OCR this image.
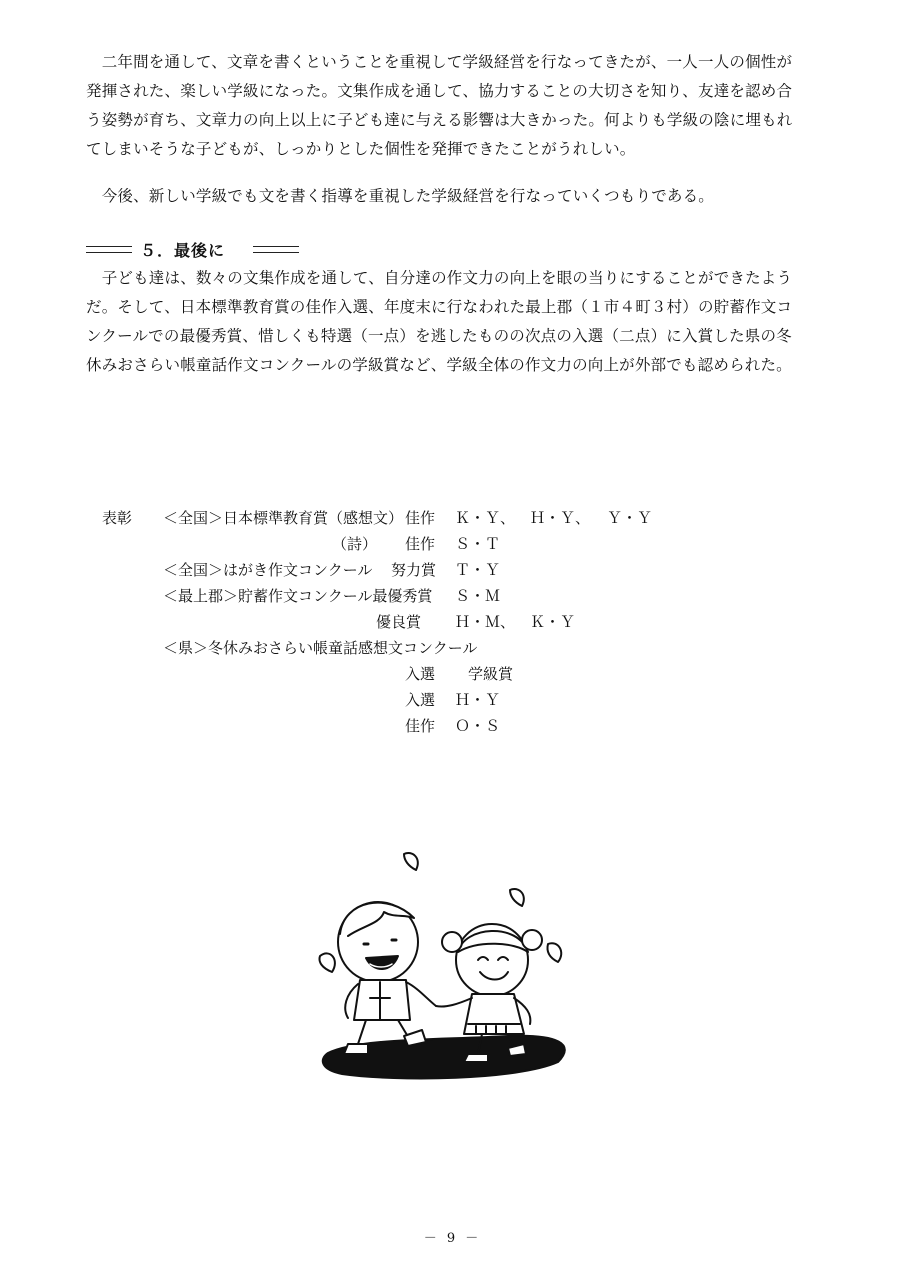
　二年間を通して、文章を書くということを重視して学級経営を行なってきたが、一人一人の個性が
発揮された、楽しい学級になった。文集作成を通して、協力することの大切さを知り、友達を認め合
う姿勢が育ち、文章力の向上以上に子ども達に与える影響は大きかった。何よりも学級の陰に埋もれ
てしまいそうな子どもが、しっかりとした個性を発揮できたことがうれしい。
　今後、新しい学級でも文を書く指導を重視した学級経営を行なっていくつもりである。
５．最後に
　子ども達は、数々の文集作成を通して、自分達の作文力の向上を眼の当りにすることができたよう
だ。そして、日本標準教育賞の佳作入選、年度末に行なわれた最上郡（１市４町３村）の貯蓄作文コ
ンクールでの最優秀賞、惜しくも特選（一点）を逃したものの次点の入選（二点）に入賞した県の冬
休みおさらい帳童話作文コンクールの学級賞など、学級全体の作文力の向上が外部でも認められた。
表彰 ＜全国＞日本標準教育賞（感想文） 佳作 Ｋ・Ｙ、 Ｈ・Ｙ、 Ｙ・Ｙ
（詩） 佳作 Ｓ・Ｔ
＜全国＞はがき作文コンクール 努力賞 Ｔ・Ｙ
＜最上郡＞貯蓄作文コンクール最優秀賞 Ｓ・Ｍ
優良賞 Ｈ・Ｍ、 Ｋ・Ｙ
＜県＞冬休みおさらい帳童話感想文コンクール
入選 学級賞
入選 Ｈ・Ｙ
佳作 Ｏ・Ｓ
－ 9 －
